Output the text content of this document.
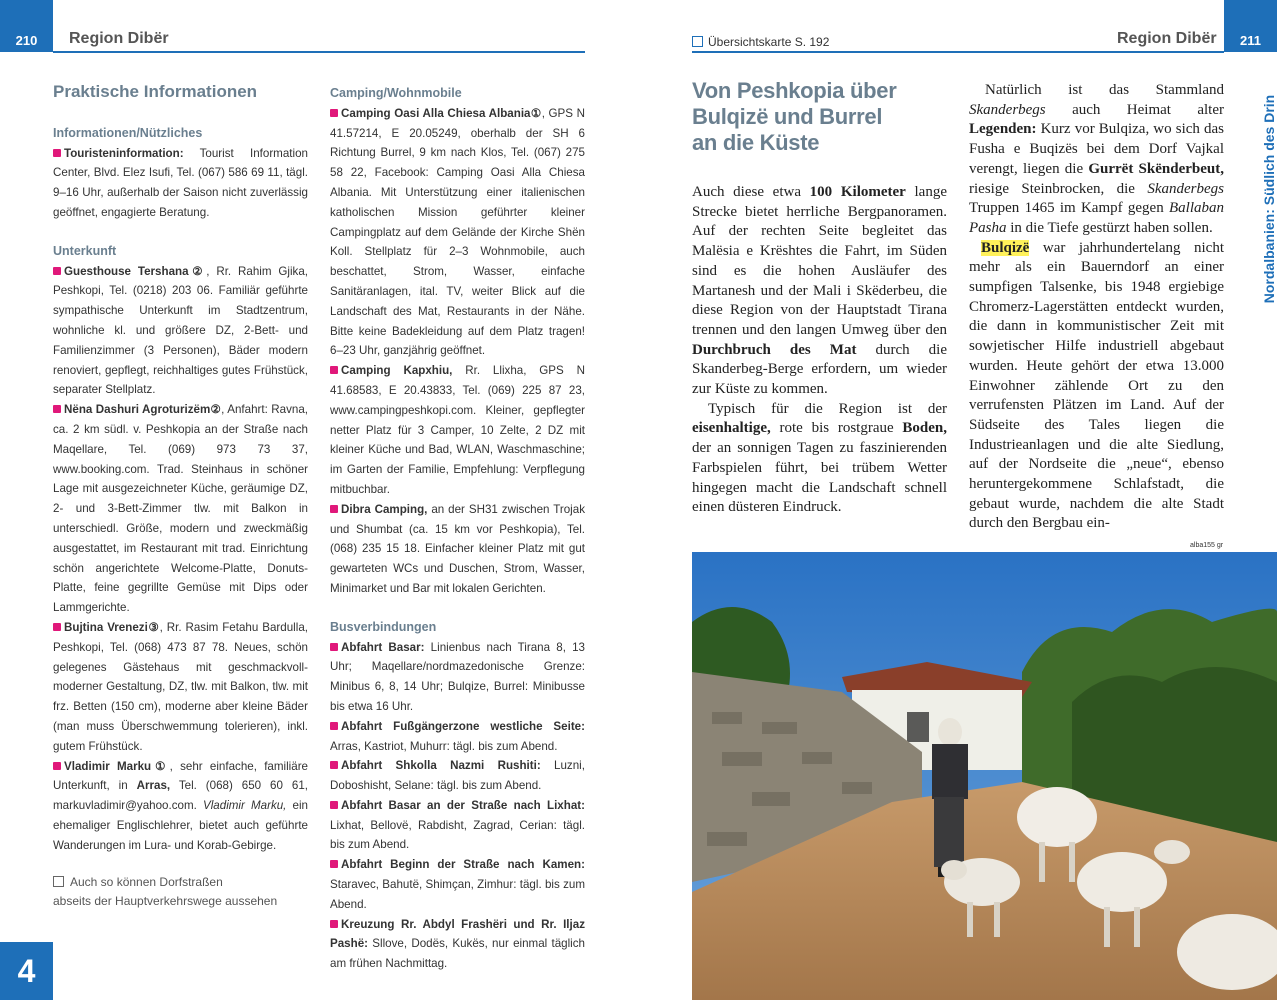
210 Region Dibër	Übersichtskarte S. 192	Region Dibër 211
Nordalbanien: Südlich des Drin
4
Praktische Informationen
Informationen/Nützliches

Touristeninformation: Tourist Information Center, Blvd. Elez Isufi, Tel. (067) 586 69 11, tägl. 9–16 Uhr, außerhalb der Saison nicht zuverlässig geöffnet, engagierte Beratung.

Unterkunft

Guesthouse Tershana②, Rr. Rahim Gjika, Peshkopi, Tel. (0218) 203 06. Familiär geführte sympathische Unterkunft im Stadtzentrum, wohnliche kl. und größere DZ, 2-Bett- und Familienzimmer (3 Personen), Bäder modern renoviert, gepflegt, reichhaltiges gutes Frühstück, separater Stellplatz.

Nëna Dashuri Agroturizëm②, Anfahrt: Ravna, ca. 2 km südl. v. Peshkopia an der Straße nach Maqellare, Tel. (069) 973 73 37, www.booking.com. Trad. Steinhaus in schöner Lage mit ausgezeichneter Küche, geräumige DZ, 2- und 3-Bett-Zimmer tlw. mit Balkon in unterschiedl. Größe, modern und zweckmäßig ausgestattet, im Restaurant mit trad. Einrichtung schön angerichtete Welcome-Platte, Donuts-Platte, feine gegrillte Gemüse mit Dips oder Lammgerichte.

Bujtina Vrenezi③, Rr. Rasim Fetahu Bardulla, Peshkopi, Tel. (068) 473 87 78. Neues, schön gelegenes Gästehaus mit geschmackvoll-moderner Gestaltung, DZ, tlw. mit Balkon, tlw. mit frz. Betten (150 cm), moderne aber kleine Bäder (man muss Überschwemmung tolerieren), inkl. gutem Frühstück.

Vladimir Marku①, sehr einfache, familiäre Unterkunft, in Arras, Tel. (068) 650 60 61, markuvladimir@yahoo.com. Vladimir Marku, ein ehemaliger Englischlehrer, bietet auch geführte Wanderungen im Lura- und Korab-Gebirge.

Auch so können Dorfstraßen
abseits der Hauptverkehrswege aussehen
Camping/Wohnmobile

Camping Oasi Alla Chiesa Albania①, GPS N 41.57214, E 20.05249, oberhalb der SH 6 Richtung Burrel, 9 km nach Klos, Tel. (067) 275 58 22, Facebook: Camping Oasi Alla Chiesa Albania. Mit Unterstützung einer italienischen katholischen Mission geführter kleiner Campingplatz auf dem Gelände der Kirche Shën Koll. Stellplatz für 2–3 Wohnmobile, auch beschattet, Strom, Wasser, einfache Sanitäranlagen, ital. TV, weiter Blick auf die Landschaft des Mat, Restaurants in der Nähe. Bitte keine Badekleidung auf dem Platz tragen! 6–23 Uhr, ganzjährig geöffnet.

Camping Kapxhiu, Rr. Llixha, GPS N 41.68583, E 20.43833, Tel. (069) 225 87 23, www.campingpeshkopi.com. Kleiner, gepflegter netter Platz für 3 Camper, 10 Zelte, 2 DZ mit kleiner Küche und Bad, WLAN, Waschmaschine; im Garten der Familie, Empfehlung: Verpflegung mitbuchbar.

Dibra Camping, an der SH31 zwischen Trojak und Shumbat (ca. 15 km vor Peshkopia), Tel. (068) 235 15 18. Einfacher kleiner Platz mit gut gewarteten WCs und Duschen, Strom, Wasser, Minimarket und Bar mit lokalen Gerichten.

Busverbindungen

Abfahrt Basar: Linienbus nach Tirana 8, 13 Uhr; Maqellare/nordmazedonische Grenze: Minibus 6, 8, 14 Uhr; Bulqize, Burrel: Minibusse bis etwa 16 Uhr.

Abfahrt Fußgängerzone westliche Seite: Arras, Kastriot, Muhurr: tägl. bis zum Abend.

Abfahrt Shkolla Nazmi Rushiti: Luzni, Doboshisht, Selane: tägl. bis zum Abend.

Abfahrt Basar an der Straße nach Lixhat: Lixhat, Bellovë, Rabdisht, Zagrad, Cerian: tägl. bis zum Abend.

Abfahrt Beginn der Straße nach Kamen: Staravec, Bahutë, Shimçan, Zimhur: tägl. bis zum Abend.

Kreuzung Rr. Abdyl Frashëri und Rr. Iljaz Pashë: Sllove, Dodës, Kukës, nur einmal täglich am frühen Nachmittag.

Von Peshkopia über
Bulqizë und Burrel
an die Küste

Auch diese etwa 100 Kilometer lange Strecke bietet herrliche Bergpanoramen. Auf der rechten Seite begleitet das Malësia e Krështes die Fahrt, im Süden sind es die hohen Ausläufer des Martanesh und der Mali i Skëderbeu, die diese Region von der Hauptstadt Tirana trennen und den langen Umweg über den Durchbruch des Mat durch die Skanderbeg-Berge erfordern, um wieder zur Küste zu kommen.

Typisch für die Region ist der eisenhaltige, rote bis rostgraue Boden, der an sonnigen Tagen zu faszinierenden Farbspielen führt, bei trübem Wetter hingegen macht die Landschaft schnell einen düsteren Eindruck.

Natürlich ist das Stammland Skanderbegs auch Heimat alter Legenden: Kurz vor Bulqiza, wo sich das Fusha e Buqizës bei dem Dorf Vajkal verengt, liegen die Gurrët Skënderbeut, riesige Steinbrocken, die Skanderbegs Truppen 1465 im Kampf gegen Ballaban Pasha in die Tiefe gestürzt haben sollen.

Bulqizë war jahrhundertelang nicht mehr als ein Bauerndorf an einer sumpfigen Talsenke, bis 1948 ergiebige Chromerz-Lagerstätten entdeckt wurden, die dann in kommunistischer Zeit mit sowjetischer Hilfe industriell abgebaut wurden. Heute gehört der etwa 13.000 Einwohner zählende Ort zu den verrufensten Plätzen im Land. Auf der Südseite des Tales liegen die Industrieanlagen und die alte Siedlung, auf der Nordseite die „neue“, ebenso heruntergekommene Schlafstadt, die gebaut wurde, nachdem die alte Stadt durch den Bergbau ein-

alba155 gr
